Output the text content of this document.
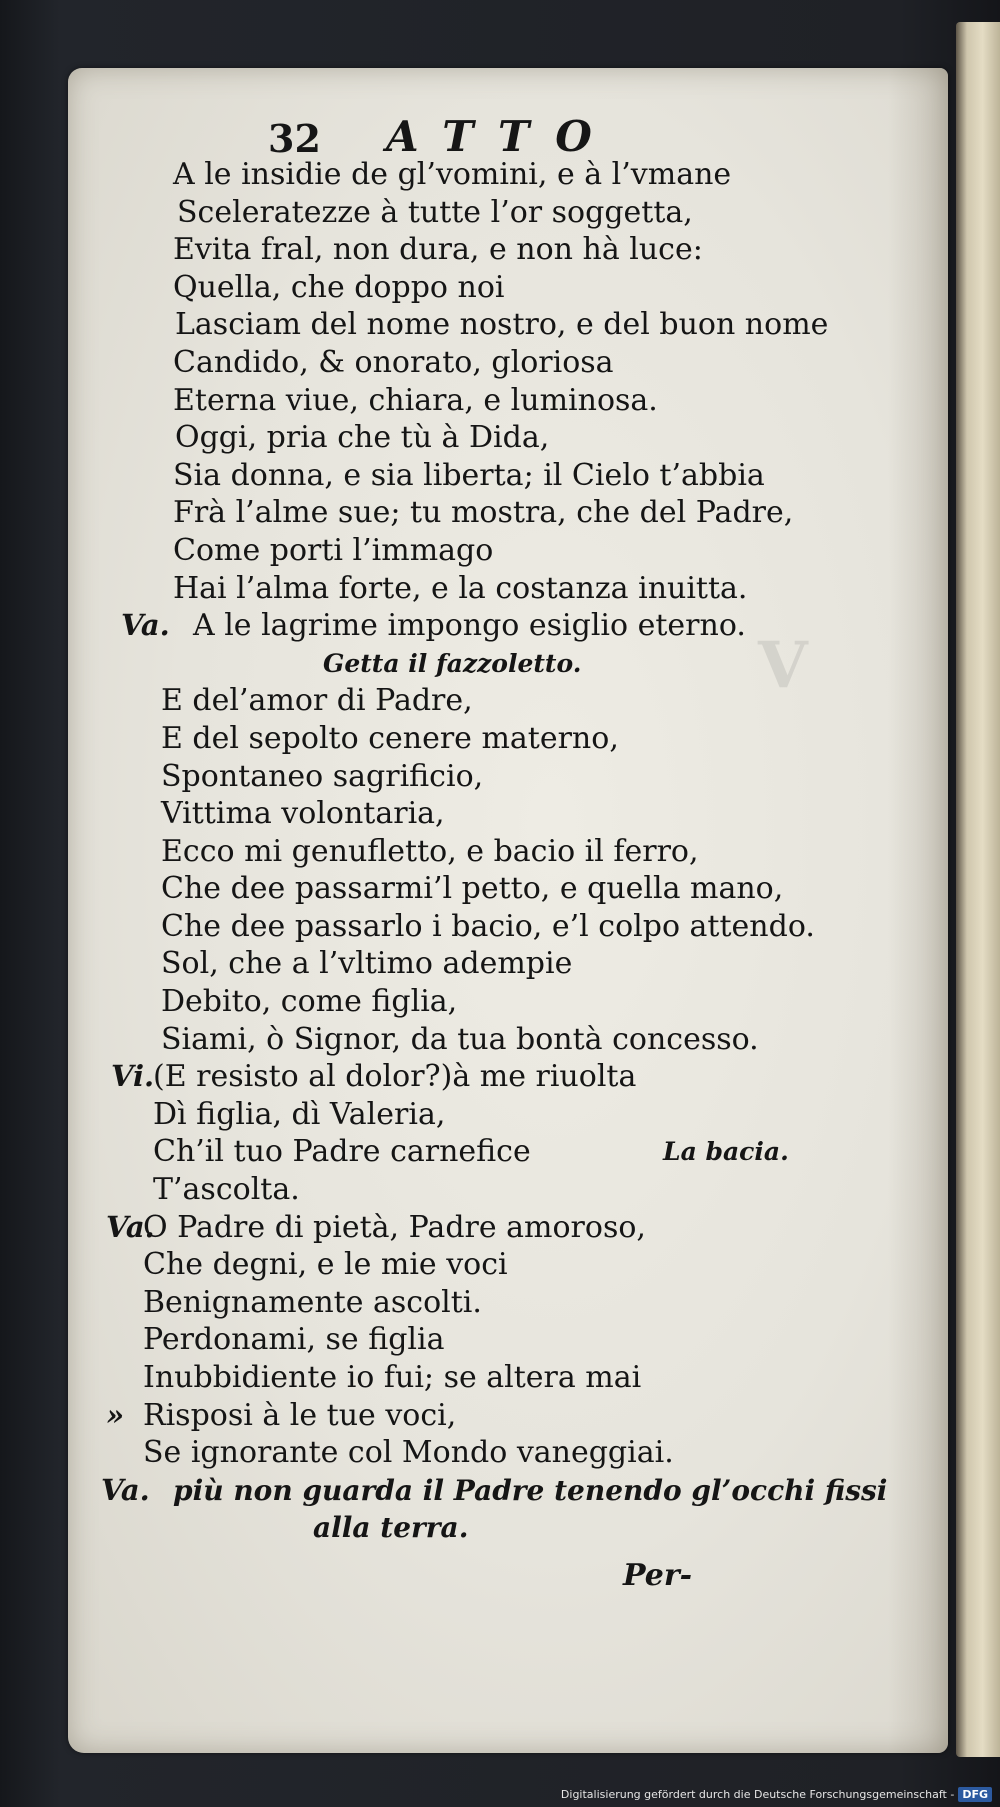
V
32 ATTO
A le insidie de gl’vomini, e à l’vmane
Sceleratezze à tutte l’or soggetta,
Evita fral, non dura, e non hà luce:
Quella, che doppo noi
Lasciam del nome nostro, e del buon nome
Candido, & onorato, gloriosa
Eterna viue, chiara, e luminosa.
Oggi, pria che tù à Dida,
Sia donna, e sia liberta; il Cielo t’abbia
Frà l’alme sue; tu mostra, che del Padre,
Come porti l’immago
Hai l’alma forte, e la costanza inuitta.
Va. A le lagrime impongo esiglio eterno.
Getta il fazzoletto.
E del’amor di Padre,
E del sepolto cenere materno,
Spontaneo sagrificio,
Vittima volontaria,
Ecco mi genufletto, e bacio il ferro,
Che dee passarmi’l petto, e quella mano,
Che dee passarlo i bacio, e’l colpo attendo.
Sol, che a l’vltimo adempie
Debito, come figlia,
Siami, ò Signor, da tua bontà concesso.
Vi.
(E resisto al dolor?)à me riuolta
Dì figlia, dì Valeria,
Ch’il tuo Padre carnefice	La bacia.
T’ascolta.
Va.
O Padre di pietà, Padre amoroso,
Che degni, e le mie voci
Benignamente ascolti.
Perdonami, se figlia
Inubbidiente io fui; se altera mai
» Risposi à le tue voci,
Se ignorante col Mondo vaneggiai.
Va. più non guarda il Padre tenendo gl’occhi fissi
alla terra.
Per-
Digitalisierung gefördert durch die Deutsche Forschungsgemeinschaft - DFG
